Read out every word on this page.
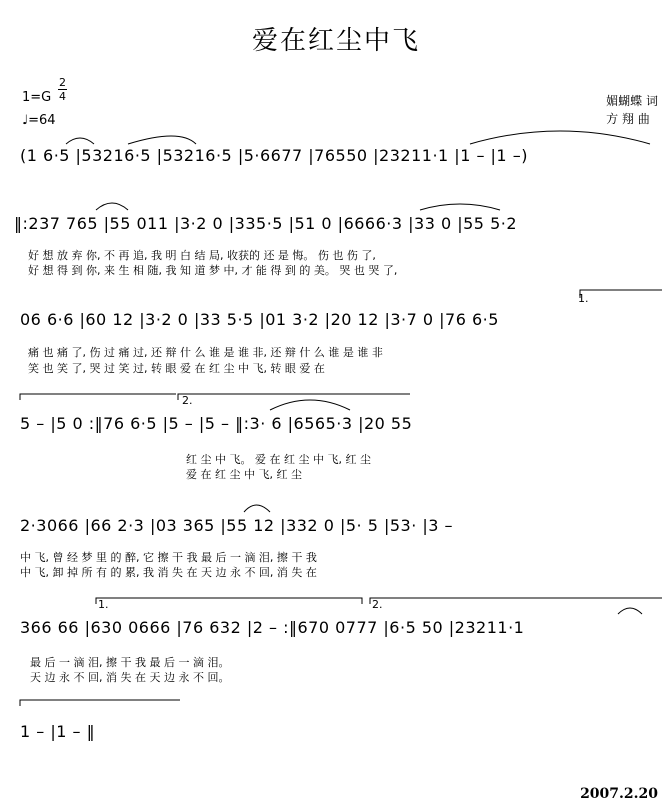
爱在红尘中飞
1=G
2
4
♩=64
媚蝴蝶 词
方 翔 曲
(1 6·5 |53216·5 |53216·5 |5·6677 |76550 |23211·1 |1 – |1 –)
‖:237 765 |55 011 |3·2 0 |335·5 |51 0 |6666·3 |33 0 |55 5·2
好 想 放 弃 你, 不 再 追, 我 明 白 结 局, 收获的 还 是 悔。 伤 也 伤 了,
好 想 得 到 你, 来 生 相 随, 我 知 道 梦 中, 才 能 得 到 的 美。 哭 也 哭 了,
06 6·6 |60 12 |3·2 0 |33 5·5 |01 3·2 |20 12 |3·7 0 |76 6·5
痛 也 痛 了, 伤 过 痛 过, 还 辩 什 么 谁 是 谁 非, 还 辩 什 么 谁 是 谁 非
笑 也 笑 了, 哭 过 笑 过, 转 眼 爱 在 红 尘 中 飞, 转 眼 爱 在
5 – |5 0 :‖76 6·5 |5 – |5 – ‖:3· 6 |6565·3 |20 55
红 尘 中 飞。 爱 在 红 尘 中 飞, 红 尘
爱 在 红 尘 中 飞, 红 尘
2·3066 |66 2·3 |03 365 |55 12 |332 0 |5· 5 |53· |3 –
中 飞, 曾 经 梦 里 的 醉, 它 擦 干 我 最 后 一 滴 泪, 擦 干 我
中 飞, 卸 掉 所 有 的 累, 我 消 失 在 天 边 永 不 回, 消 失 在
366 66 |630 0666 |76 632 |2 – :‖670 0777 |6·5 50 |23211·1
最 后 一 滴 泪, 擦 干 我 最 后 一 滴 泪。
天 边 永 不 回, 消 失 在 天 边 永 不 回。
1 – |1 – ‖
1.
2.
1.	2.
2007.2.20
